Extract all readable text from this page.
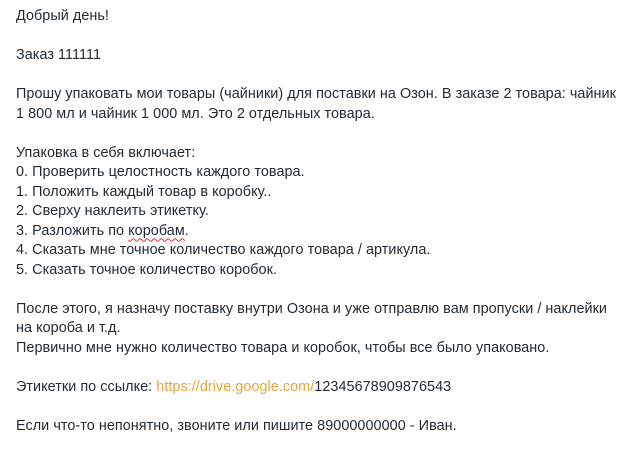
Добрый день!
Заказ 111111
Прошу упаковать мои товары (чайники) для поставки на Озон. В заказе 2 товара: чайник
1 800 мл и чайник 1 000 мл. Это 2 отдельных товара.
Упаковка в себя включает:
0. Проверить целостность каждого товара.
1. Положить каждый товар в коробку..
2. Сверху наклеить этикетку.
3. Разложить по коробам.
4. Сказать мне точное количество каждого товара / артикула.
5. Сказать точное количество коробок.
После этого, я назначу поставку внутри Озона и уже отправлю вам пропуски / наклейки
на короба и т.д.
Первично мне нужно количество товара и коробок, чтобы все было упаковано.
Этикетки по ссылке: https://drive.google.com/12345678909876543
Если что-то непонятно, звоните или пишите 89000000000 - Иван.
